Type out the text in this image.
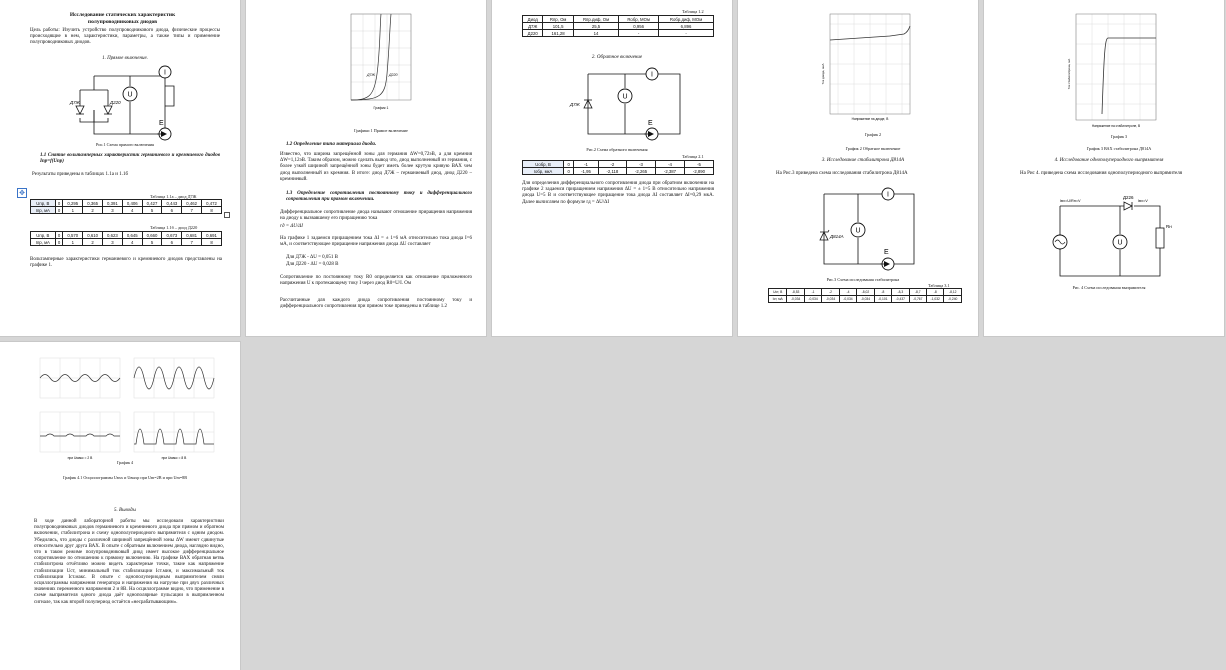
Исследование статических характеристик полупроводниковых диодов
Цель работы: Изучить устройство полупроводникового диода, физические процессы происходящие в нем, характеристики, параметры, а также типы и применение полупроводниковых диодов.
1. Прямое включение.
U
I
E
Д7Ж	Д220
Рис.1 Схема прямого включения
1.1 Снятие вольтамперных характеристик германиевого и кремниевого диодов Iпр=f(Uпр)
Результаты приведены в таблицах 1.1а и 1.1б
✥	Таблица 1.1а – диод Д7Ж
Uпр, В	0	0,295	0,365	0,391	0,406	0,427	0,443	0,462	0,472
Iпр, мА	0	1	2	3	4	5	6	7	8
Таблица 1.1б – диод Д220
Uпр, В	0	0,570	0,610	0,623	0,645	0,660	0,673	0,681	0,691
Iпр, мА	0	1	2	3	4	5	6	7	8
Вольтамперные характеристики германиевого и кремниевого диодов представлены на графике 1.
Д7Ж	Д220
График 1
Графики 1 Прямое включение
1.2 Определение типа материала диода.
Известно, что ширина запрещённой зоны для германия ΔW=0,72эВ, а для кремния ΔW=1,12эВ. Таким образом, можно сделать вывод что, диод выполненный из германия, с более узкой шириной запрещённой зоны будет иметь более крутую кривую ВАХ чем диод выполненный из кремния. В итоге: диод Д7Ж – германиевый диод, диод Д220 – кремниевый.
1.3 Определение сопротивления постоянному току и дифференциального сопротивления при прямом включении.
Дифференциальное сопротивление диода называют отношение приращения напряжения на диоду к вызвавшему его приращению тока
rд = ΔU/ΔI
На графике 1 задаемся приращением тока ΔI = ± 1=6 мА относительно тока диода I=6 мА, и соответствующее приращение напряжения диода ΔU составляет
Для Д7Ж - ΔU = 0,051 В
Для Д220 - ΔU = 0,028 В
Сопротивление по постоянному току R0 определяется как отношение приложенного напряжения U к протекающему току I через диод R0=U/I. Ом
Рассчитанные для каждого диода сопротивления постоянному току и дифференциального сопротивления при прямом токе приведены в таблице 1.2
Таблица 1.2
Диод	Rпр, Ом	Rпр.диф, Ом	Rобр, МОм	Rобр.диф, МОм
Д7Ж	101,5	25,5	0,956	6,896
Д220	161,28	14	-	-
2. Обратное включение
U
I
E
Д7Ж
Рис.2 Схема обратного включения
Таблица 2.1
Uобр, В	0	-1	-2	-3	-4	-5
Iобр, мкА	0	-1,95	-2,118	-2,265	-2,387	-2,890
Для определения дифференциального сопротивления диода при обратном включении на графике 2 задаемся приращением напряжения ΔU = ± 1=5 В относительно напряжения диода U=5 В и соответствующее приращение тока диода ΔI составляет ΔI=0,29 мкА. Далее вычисляем по формуле rд = ΔU/ΔI
Ток диода, мкА
Напряжение на диоде, В
График 2
График 2 Обратное включение
3. Исследование стабилитрона Д814А
На Рис.3 приведена схема исследования стабилитрона Д814А
U
I
E
Д814А
Рис.3 Схема исследования стабилитрона
Таблица 3.1
Uст, В	-8,53	-1	-2	-4	-8,02	-8	-8,3	-8,7	-8	-8,12
Iст, мА	-0,034	-0,034	-0,034	-0,034	-0,034	-0,101	-0,437	-0,767	-1,032	-0,240
Ток стабилитрона, мА
Напряжение на стабилитроне, В
График 3
График 3 ВАХ стабилитрона Д814А
4. Исследование однополупериодного выпрямителя
На Рис 4. приведена схема исследования однополупериодного выпрямителя
U
Д226
Iвх=U/Rн=V	Iвх=V
Rн
Рис. 4 Схема исследования выпрямителя
при Uмакс = 2 В	при Uмакс = 8 В
График 4
График 4.1 Осциллограммы Uвхх и Uвыхр при Um=2В и при Um=8В
5. Выводы
В ходе данной лабораторной работы мы исследовали характеристики полупроводниковых диодов германиевого и кремниевого диода при прямом и обратном включении, стабилитрона и схему однополупериодного выпрямителя с одним диодом. Убедились, что диоды с различной шириной запрещённой зоны ΔW имеют сдвинутые относительно друг друга ВАХ. В опыте с обратным включением диода, наглядно видно, что в таком режиме полупроводниковый диод имеет высокое дифференциальное сопротивление по отношению к прямому включению. На графике ВАХ обратная ветвь стабилитрона отчётливо можно видеть характерные точки, такие как напряжение стабилизации Uст, минимальный ток стабилизации Iст.мин, и максимальный ток стабилизации Iст.макс. В опыте с однополупериодным выпрямителем сняли осциллограммы напряжения генератора и напряжения на нагрузке при двух различных значениях переменного напряжения 2 и 8В. На осциллограмме видно, что применение в схеме выпрямителя одного диода даёт однополярные пульсации в выпрямленном сигнале, так как второй полупериод остаётся «несрабатывающим».
